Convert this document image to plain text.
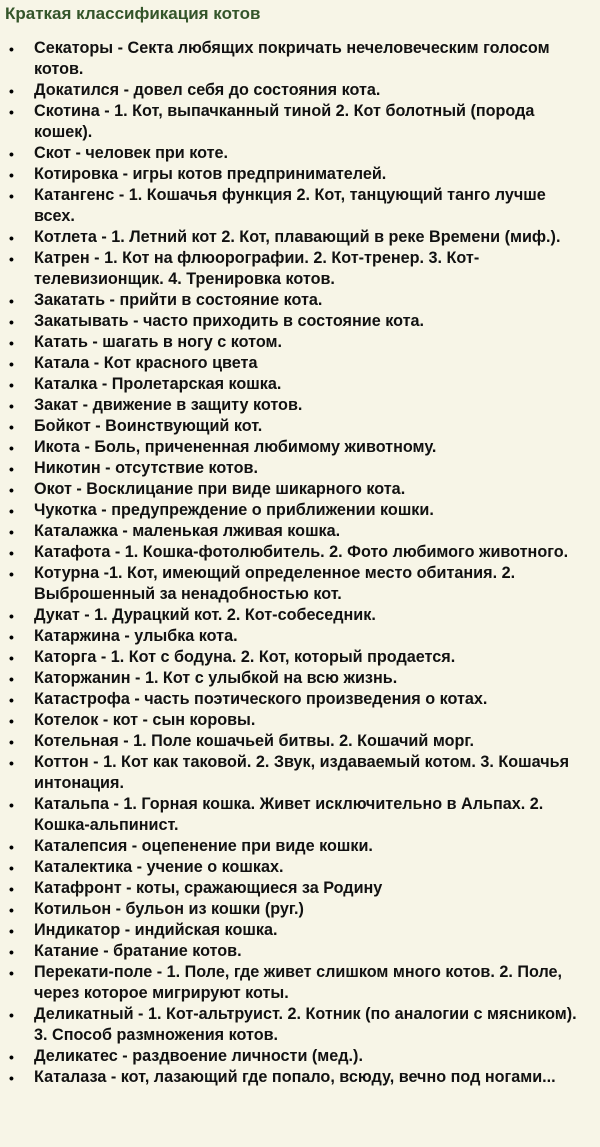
Краткая классификация котов
• Секаторы - Секта любящих покричать нечеловеческим голосом котов.
• Докатился - довел себя до состояния кота.
• Скотина - 1. Кот, выпачканный тиной 2. Кот болотный (порода кошек).
• Скот - человек при коте.
• Котировка - игры котов предпринимателей.
• Катангенс - 1. Кошачья функция 2. Кот, танцующий танго лучше всех.
• Котлета - 1. Летний кот 2. Кот, плавающий в реке Времени (миф.).
• Катрен - 1. Кот на флюорографии. 2. Кот-тренер. 3. Кот-телевизионщик. 4. Тренировка котов.
• Закатать - прийти в состояние кота.
• Закатывать - часто приходить в состояние кота.
• Катать - шагать в ногу с котом.
• Катала - Кот красного цвета
• Каталка - Пролетарская кошка.
• Закат - движение в защиту котов.
• Бойкот - Воинствующий кот.
• Икота - Боль, причененная любимому животному.
• Никотин - отсутствие котов.
• Окот - Восклицание при виде шикарного кота.
• Чукотка - предупреждение о приближении кошки.
• Каталажка - маленькая лживая кошка.
• Катафота - 1. Кошка-фотолюбитель. 2. Фото любимого животного.
• Котурна -1. Кот, имеющий определенное место обитания. 2. Выброшенный за ненадобностью кот.
• Дукат - 1. Дурацкий кот. 2. Кот-собеседник.
• Катаржина - улыбка кота.
• Каторга - 1. Кот с бодуна. 2. Кот, который продается.
• Каторжанин - 1. Кот с улыбкой на всю жизнь.
• Катастрофа - часть поэтического произведения о котах.
• Котелок - кот - сын коровы.
• Котельная - 1. Поле кошачьей битвы. 2. Кошачий морг.
• Коттон - 1. Кот как таковой. 2. Звук, издаваемый котом. 3. Кошачья интонация.
• Катальпа - 1. Горная кошка. Живет исключительно в Альпах. 2. Кошка-альпинист.
• Каталепсия - оцепенение при виде кошки.
• Каталектика - учение о кошках.
• Катафронт - коты, сражающиеся за Родину
• Котильон - бульон из кошки (руг.)
• Индикатор - индийская кошка.
• Катание - братание котов.
• Перекати-поле - 1. Поле, где живет слишком много котов. 2. Поле, через которое мигрируют коты.
• Деликатный - 1. Кот-альтруист. 2. Котник (по аналогии с мясником). 3. Способ размножения котов.
• Деликатес - раздвоение личности (мед.).
• Каталаза - кот, лазающий где попало, всюду, вечно под ногами...
